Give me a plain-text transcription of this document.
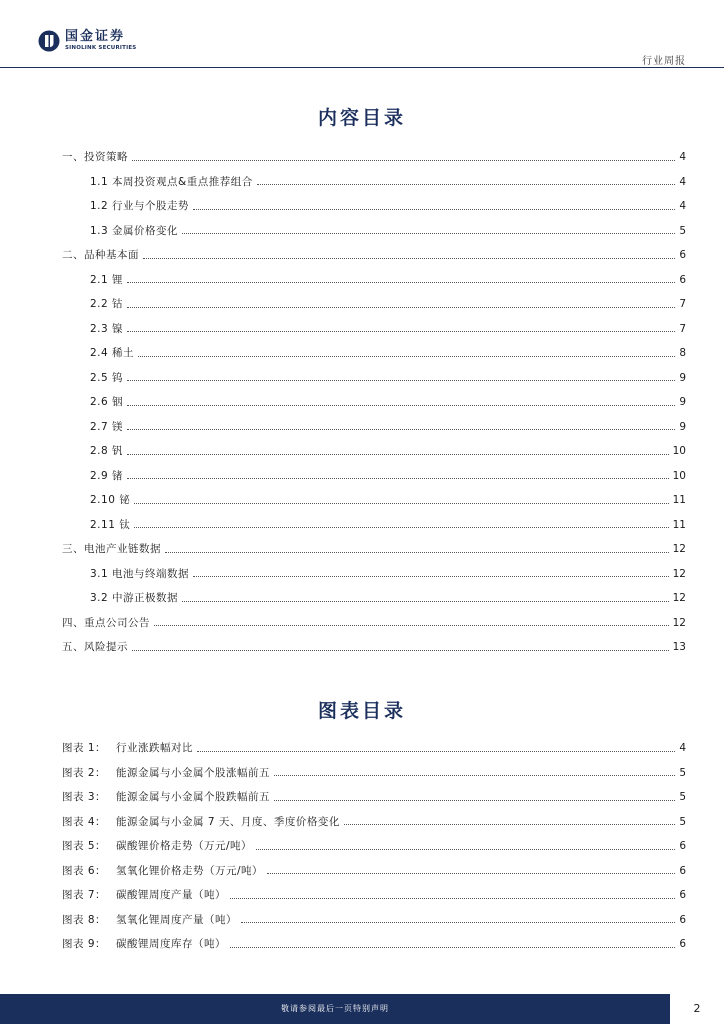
国金证券
SINOLINK SECURITIES
行业周报
内容目录
一、投资策略	4
1.1 本周投资观点&重点推荐组合	4
1.2 行业与个股走势	4
1.3 金属价格变化	5
二、品种基本面	6
2.1 锂	6
2.2 钴	7
2.3 镍	7
2.4 稀土	8
2.5 钨	9
2.6 铟	9
2.7 镁	9
2.8 钒	10
2.9 锗	10
2.10 铋	11
2.11 钛	11
三、电池产业链数据	12
3.1 电池与终端数据	12
3.2 中游正极数据	12
四、重点公司公告	12
五、风险提示	13
图表目录
图表 1： 行业涨跌幅对比	4
图表 2： 能源金属与小金属个股涨幅前五	5
图表 3： 能源金属与小金属个股跌幅前五	5
图表 4： 能源金属与小金属 7 天、月度、季度价格变化	5
图表 5： 碳酸锂价格走势（万元/吨）	6
图表 6： 氢氧化锂价格走势（万元/吨）	6
图表 7： 碳酸锂周度产量（吨）	6
图表 8： 氢氧化锂周度产量（吨）	6
图表 9： 碳酸锂周度库存（吨）	6
敬请参阅最后一页特别声明	2
